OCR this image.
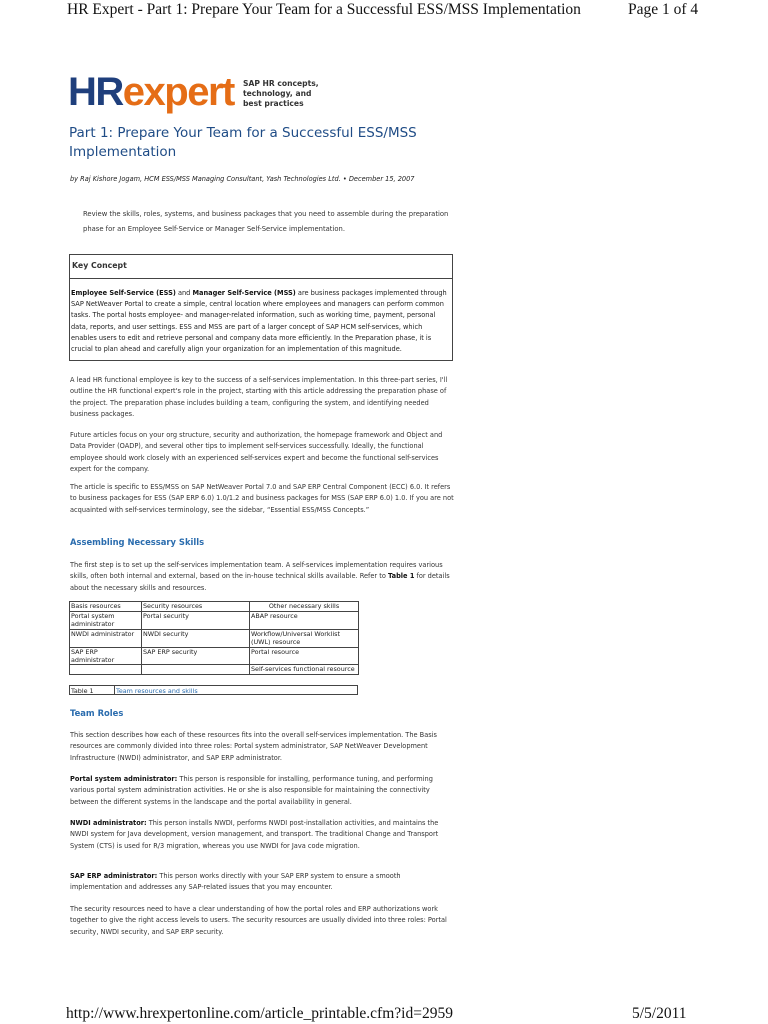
HR Expert - Part 1: Prepare Your Team for a Successful ESS/MSS Implementation	Page 1 of 4
HRexpert SAP HR concepts,
technology, and
best practices
Part 1: Prepare Your Team for a Successful ESS/MSS Implementation
by Raj Kishore Jogam, HCM ESS/MSS Managing Consultant, Yash Technologies Ltd. • December 15, 2007
Review the skills, roles, systems, and business packages that you need to assemble during the preparation phase for an Employee Self-Service or Manager Self-Service implementation.
Key Concept
Employee Self-Service (ESS) and Manager Self-Service (MSS) are business packages implemented through SAP NetWeaver Portal to create a simple, central location where employees and managers can perform common tasks. The portal hosts employee- and manager-related information, such as working time, payment, personal data, reports, and user settings. ESS and MSS are part of a larger concept of SAP HCM self-services, which enables users to edit and retrieve personal and company data more efficiently. In the Preparation phase, it is crucial to plan ahead and carefully align your organization for an implementation of this magnitude.
A lead HR functional employee is key to the success of a self-services implementation. In this three-part series, I'll outline the HR functional expert's role in the project, starting with this article addressing the preparation phase of the project. The preparation phase includes building a team, configuring the system, and identifying needed business packages.
Future articles focus on your org structure, security and authorization, the homepage framework and Object and Data Provider (OADP), and several other tips to implement self-services successfully. Ideally, the functional employee should work closely with an experienced self-services expert and become the functional self-services expert for the company.
The article is specific to ESS/MSS on SAP NetWeaver Portal 7.0 and SAP ERP Central Component (ECC) 6.0. It refers to business packages for ESS (SAP ERP 6.0) 1.0/1.2 and business packages for MSS (SAP ERP 6.0) 1.0. If you are not acquainted with self-services terminology, see the sidebar, “Essential ESS/MSS Concepts.”
Assembling Necessary Skills
The first step is to set up the self-services implementation team. A self-services implementation requires various skills, often both internal and external, based on the in-house technical skills available. Refer to Table 1 for details about the necessary skills and resources.
Basis resources	Security resources	Other necessary skills
Portal system administrator	Portal security	ABAP resource
NWDI administrator	NWDI security	Workflow/Universal Worklist (UWL) resource
SAP ERP administrator	SAP ERP security	Portal resource
		Self-services functional resource
Table 1	Team resources and skills
Team Roles
This section describes how each of these resources fits into the overall self-services implementation. The Basis resources are commonly divided into three roles: Portal system administrator, SAP NetWeaver Development Infrastructure (NWDI) administrator, and SAP ERP administrator.
Portal system administrator: This person is responsible for installing, performance tuning, and performing various portal system administration activities. He or she is also responsible for maintaining the connectivity between the different systems in the landscape and the portal availability in general.
NWDI administrator: This person installs NWDI, performs NWDI post-installation activities, and maintains the NWDI system for Java development, version management, and transport. The traditional Change and Transport System (CTS) is used for R/3 migration, whereas you use NWDI for Java code migration.
SAP ERP administrator: This person works directly with your SAP ERP system to ensure a smooth implementation and addresses any SAP-related issues that you may encounter.
The security resources need to have a clear understanding of how the portal roles and ERP authorizations work together to give the right access levels to users. The security resources are usually divided into three roles: Portal security, NWDI security, and SAP ERP security.
http://www.hrexpertonline.com/article_printable.cfm?id=2959	5/5/2011
